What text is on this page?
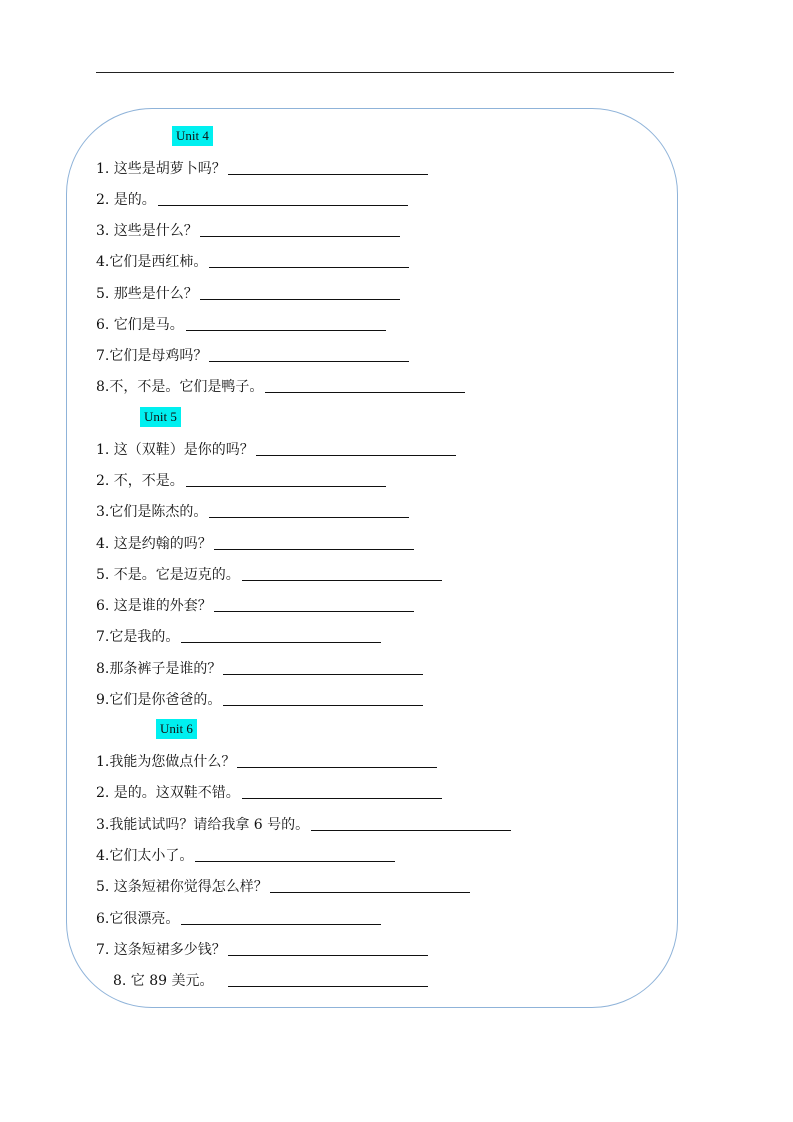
Unit 4
1. 这些是胡萝卜吗？
2. 是的。
3. 这些是什么？
4.它们是西红柿。
5. 那些是什么？
6. 它们是马。
7.它们是母鸡吗？
8.不，不是。它们是鸭子。
Unit 5
1. 这（双鞋）是你的吗？
2. 不，不是。
3.它们是陈杰的。
4. 这是约翰的吗？
5. 不是。它是迈克的。
6. 这是谁的外套？
7.它是我的。
8.那条裤子是谁的？
9.它们是你爸爸的。
Unit 6
1.我能为您做点什么？
2. 是的。这双鞋不错。
3.我能试试吗？请给我拿 6 号的。
4.它们太小了。
5. 这条短裙你觉得怎么样？
6.它很漂亮。
7. 这条短裙多少钱？
8. 它 89 美元。
